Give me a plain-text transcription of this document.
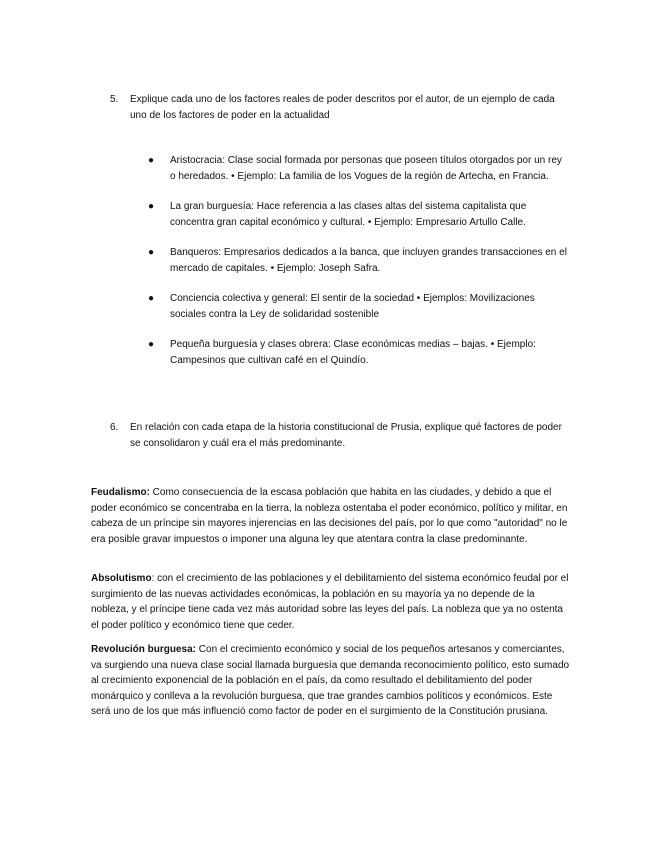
5. Explique cada uno de los factores reales de poder descritos por el autor, de un ejemplo de cada uno de los factores de poder en la actualidad
● Aristocracia: Clase social formada por personas que poseen títulos otorgados por un rey o heredados. • Ejemplo: La familia de los Vogues de la región de Artecha, en Francia.
● La gran burguesía: Hace referencia a las clases altas del sistema capitalista que concentra gran capital económico y cultural. • Ejemplo: Empresario Artullo Calle.
● Banqueros: Empresarios dedicados a la banca, que incluyen grandes transacciones en el mercado de capitales. • Ejemplo: Joseph Safra.
● Conciencia colectiva y general: El sentir de la sociedad • Ejemplos: Movilizaciones sociales contra la Ley de solidaridad sostenible
● Pequeña burguesía y clases obrera: Clase económicas medias – bajas. • Ejemplo: Campesinos que cultivan café en el Quindío.
6. En relación con cada etapa de la historia constitucional de Prusia, explique qué factores de poder se consolidaron y cuál era el más predominante.

Feudalismo: Como consecuencia de la escasa población que habita en las ciudades, y debido a que el poder económico se concentraba en la tierra, la nobleza ostentaba el poder económico, político y militar, en cabeza de un príncipe sin mayores injerencias en las decisiones del país, por lo que como "autoridad" no le era posible gravar impuestos o imponer una alguna ley que atentara contra la clase predominante.

Absolutismo: con el crecimiento de las poblaciones y el debilitamiento del sistema económico feudal por el surgimiento de las nuevas actividades económicas, la población en su mayoría ya no depende de la nobleza, y el príncipe tiene cada vez más autoridad sobre las leyes del país. La nobleza que ya no ostenta el poder político y económico tiene que ceder.

Revolución burguesa: Con el crecimiento económico y social de los pequeños artesanos y comerciantes, va surgiendo una nueva clase social llamada burguesía que demanda reconocimiento político, esto sumado al crecimiento exponencial de la población en el país, da como resultado el debilitamiento del poder monárquico y conlleva a la revolución burguesa, que trae grandes cambios políticos y económicos. Este será uno de los que más influenció como factor de poder en el surgimiento de la Constitución prusiana.
